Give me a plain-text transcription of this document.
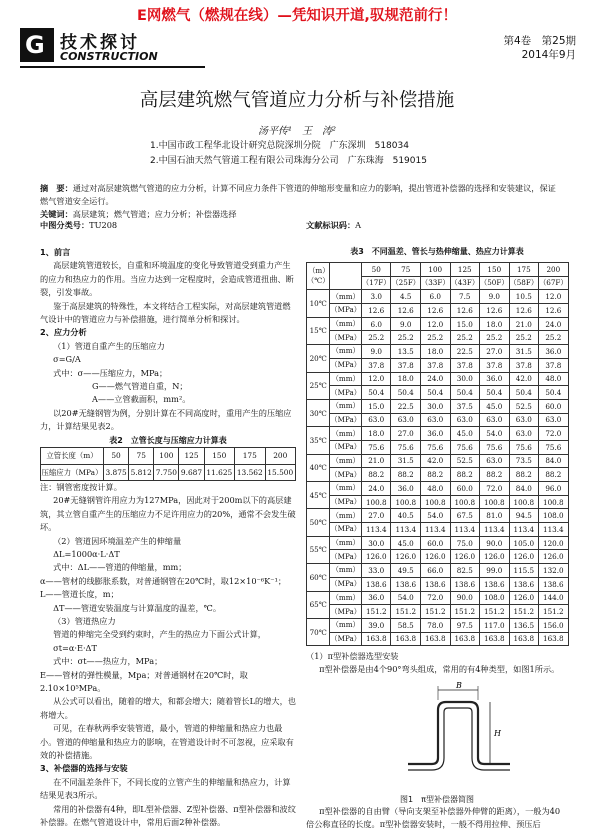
E网燃气（燃规在线）—凭知识开道,驭规范前行！
G 技术探讨
CONSTRUCTION
第4卷　第25期
2014年9月
高层建筑燃气管道应力分析与补偿措施
汤平传¹　王　涛²
1.中国市政工程华北设计研究总院深圳分院　广东深圳　518034
2.中国石油天然气管道工程有限公司珠海分公司　广东珠海　519015
摘　要：通过对高层建筑燃气管道的应力分析，计算不同应力条件下管道的伸缩形变量和应力的影响，提出管道补偿器的选择和安装建议，保证燃气管道安全运行。
关键词：高层建筑；燃气管道；应力分析；补偿器选择
中图分类号：TU208	文献标识码：A

1、前言

高层建筑管道较长，自重和环境温度的变化导致管道受到重力产生的应力和热应力的作用。当应力达到一定程度时，会造成管道扭曲、断裂，引发事故。

鉴于高层建筑的特殊性，本文将结合工程实际，对高层建筑管道燃气设计中的管道应力与补偿措施，进行简单分析和探讨。

2、应力分析

（1）管道自重产生的压缩应力

σ=G/A

式中：σ——压缩应力，MPa；

G——燃气管道自重，N；

A——立管截面积，mm²。

以20#无缝钢管为例，分别计算在不同高度时，重用产生的压缩应力，计算结果见表2。

表2　立管长度与压缩应力计算表

立管长度（m）	50	75	100	125	150	175	200
压缩应力（MPa）	3.875	5.812	7.750	9.687	11.625	13.562	15.500

注：钢管密度按计算。

20#无缝钢管许用应力为127MPa，因此对于200m以下的高层建筑，其立管自重产生的压缩应力不足许用应力的20%，通常不会发生破坏。

（2）管道因环境温差产生的伸缩量

ΔL=1000α·L·ΔT

式中：ΔL——管道的伸缩量，mm；

α——管材的线膨胀系数，对普通钢管在20℃时，取12×10⁻⁶K⁻¹；

L——管道长度，m；

ΔT——管道安装温度与计算温度的温差，℃。

（3）管道热应力

管道的伸缩完全受到约束时，产生的热应力下面公式计算，

σt=α·E·ΔT

式中：σt——热应力，MPa；

E——管材的弹性模量，Mpa；对普通钢材在20℃时，取2.10×10⁵MPa。

从公式可以看出，随着的增大，和都会增大；随着管长L的增大，也将增大。

可见，在春秋两季安装管道，最小，管道的伸缩量和热应力也最小。管道的伸缩量和热应力的影响，在管道设计时不可忽视，应采取有效的补偿措施。

3、补偿器的选择与安装

在不同温差条件下，不同长度的立管产生的伸缩量和热应力，计算结果见表3所示。

常用的补偿器有4种，即L型补偿器、Z型补偿器、π型补偿器和波纹补偿器。在燃气管道设计中，常用后面2种补偿器。

表3　不同温差、管长与热伸缩量、热应力计算表
（m）
（℃）		50	75	100	125	150	175	200
		（17F）	（25F）	（33F）	（43F）	（50F）	（58F）	（67F）
10℃	（mm）	3.0	4.5	6.0	7.5	9.0	10.5	12.0
	（MPa）	12.6	12.6	12.6	12.6	12.6	12.6	12.6
15℃	（mm）	6.0	9.0	12.0	15.0	18.0	21.0	24.0
	（MPa）	25.2	25.2	25.2	25.2	25.2	25.2	25.2
20℃	（mm）	9.0	13.5	18.0	22.5	27.0	31.5	36.0
	（MPa）	37.8	37.8	37.8	37.8	37.8	37.8	37.8
25℃	（mm）	12.0	18.0	24.0	30.0	36.0	42.0	48.0
	（MPa）	50.4	50.4	50.4	50.4	50.4	50.4	50.4
30℃	（mm）	15.0	22.5	30.0	37.5	45.0	52.5	60.0
	（MPa）	63.0	63.0	63.0	63.0	63.0	63.0	63.0
35℃	（mm）	18.0	27.0	36.0	45.0	54.0	63.0	72.0
	（MPa）	75.6	75.6	75.6	75.6	75.6	75.6	75.6
40℃	（mm）	21.0	31.5	42.0	52.5	63.0	73.5	84.0
	（MPa）	88.2	88.2	88.2	88.2	88.2	88.2	88.2
45℃	（mm）	24.0	36.0	48.0	60.0	72.0	84.0	96.0
	（MPa）	100.8	100.8	100.8	100.8	100.8	100.8	100.8
50℃	（mm）	27.0	40.5	54.0	67.5	81.0	94.5	108.0
	（MPa）	113.4	113.4	113.4	113.4	113.4	113.4	113.4
55℃	（mm）	30.0	45.0	60.0	75.0	90.0	105.0	120.0
	（MPa）	126.0	126.0	126.0	126.0	126.0	126.0	126.0
60℃	（mm）	33.0	49.5	66.0	82.5	99.0	115.5	132.0
	（MPa）	138.6	138.6	138.6	138.6	138.6	138.6	138.6
65℃	（mm）	36.0	54.0	72.0	90.0	108.0	126.0	144.0
	（MPa）	151.2	151.2	151.2	151.2	151.2	151.2	151.2
70℃	（mm）	39.0	58.5	78.0	97.5	117.0	136.5	156.0
	（MPa）	163.8	163.8	163.8	163.8	163.8	163.8	163.8

（1）π型补偿器选型安装

π型补偿器是由4个90°弯头组成，常用的有4种类型，如图1所示。

B
H
图1　π型补偿器简图

π型补偿器的自由臂（导向支架至补偿器外伸臂的距离），一般为40倍公称直径的长度。π型补偿器安装时，一般不得用拉伸、预压后
